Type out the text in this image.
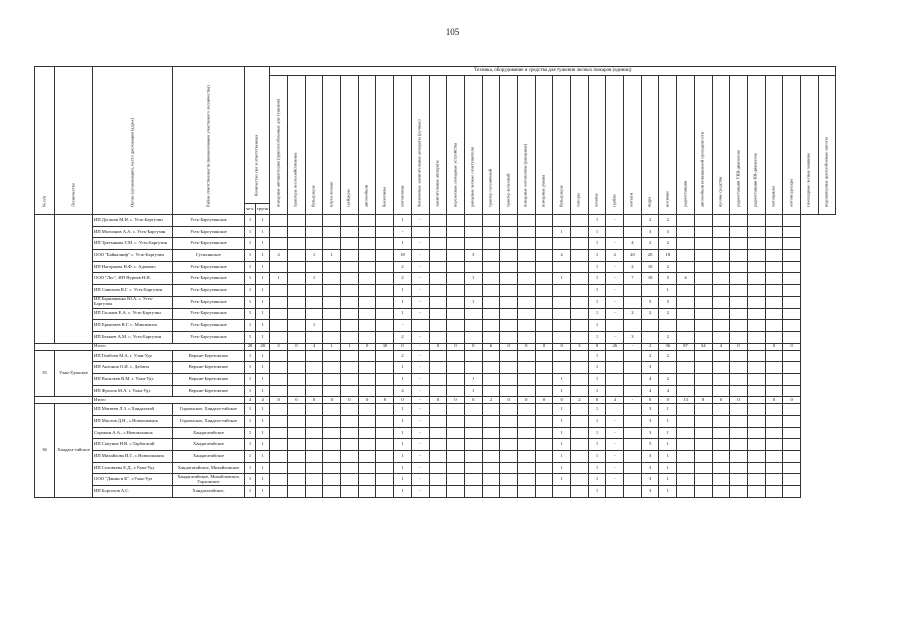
105
№ п/п	Лесничество	Орган (организация), место дислокации (адрес)	Район ответственности (наименование участкового лесничества)	Количество сил и ответственных		Техника, оборудование и средства для тушения лесных пожаров (единиц)																															

						пожарные автоцистерны (приспособленные для тушения)	тракторы лесохозяйственные	бульдозеры	плуги лесные	грейдеры	автомобили	бензопилы	мотопомпы	бензиновые зажигательные аппараты (ручные)	зажигательные аппараты	переносные пожарные устройства	ранцевые лесные огнетушители	трактор гусеничный	трактор колесный	пожарные мотопомпы (ранцевые)	пожарные рукава	бульдозеры	топоры	лопаты	грабли	мотыги	ведра	носилки	радиостанции	автомобили повышенной проходимости	прочие средства	радиостанции УКВ-диапазона	радиостанции КВ-диапазона	мотоциклы	мотовездеходы	самоходные лесные машины	водонапорные центробежные насосы

				чел.	групп																																
		ИП Дуганов М.И. с. Усть-Баргузин	Усть-Баргузинское	1	1								1	-										1	-		2	2									
		ИП Молчанов А.А. с. Усть-Баргузин	Усть-Баргузинское	1	1								-									1		1			3	3									
		ИП Третьякова Т.М. с. Усть-Баргузин	Усть-Баргузинское	1	1								1	-										1	-	4	2	2									
		ООО "Байкалнеф" с. Усть-Баргузин	Гусихинское	1	1	2		1	1				18	-			3					2		1	2	20	20	18									
		ИП Нагорнова Н.Ф. с. Адамово	Усть-Баргузинское	1	1								2	-										1	-	2	10	2									
		ООО "Лес", ИП Нуриев Н.Н.	Усть-Баргузинское	1	1	1		1					2	-			1					1		1	-	7	10	5	4								
		ИП Савельев В.Г. с. Усть-Баргузин	Усть-Баргузинское	1	1								1	-										1	-			1									
		ИП Бармашенко Ю.А. с. Усть-Баргузин	Усть-Баргузинское	1	1								1	-			1							1	-		5	5									
		ИП Гасанов Е.А. с. Усть-Баргузин	Усть-Баргузинское	1	1								1	-										1	-	2	2	2									
		ИП Ермолаев В.Г. с. Максимиха	Усть-Баргузинское	1	1			1					-											1													
		ИП Бекшев А.М. с. Усть-Баргузин	Усть-Баргузинское	1	1								2	-										1	-	3		2									
		Итого		28	28	5	0	4	1	1	0	30	0	-	0	0	0	6	0	0	0	0	3	0	26	-	2	36	87	34	4	0		0	0		
35	Улан-Удэнское	ИП Гомбоев М.А. г. Улан-Удэ	Верхне-Березовское	1	1								2	-										1			2	2									
		ИП Антонов О.И. с. Дабаты	Верхне-Березовское	1	1								1	-										1			3										
		ИП Васильев В.М. г. Улан-Удэ	Верхне-Березовское	1	1								1	-			1					1		1			4	2									
		ИП Фролов М.А. г. Улан-Удэ	Верхне-Березовское	1	1								4	-			1					1		1			4	4									
		Итого		4	4	0	0	0	0	0	0	8	0	-	0	0	0	2	0	0	0	0	2	0	4	-	0	0	13	8	0	0		0	0		
36	Хандага-тайское	ИП Матвеев Л.З. с.Хандагатай	Горхонское, Хандага-тайское	1	1								1	-								1		1			3	1									
		ИП Маслов Д.Н., с.Новоильинск	Горхонское, Хандага-тайское	1	1								1	-								1		1	-		3	1									
		Сорокин А.А., с.Новоильинск	Хандагатайское	1	1								1	-								1		1	-		3	1									
		ИП Сапунов Н.В. с.Тарбагатай	Хандагатайское	1	1								1	-								1		1	-		5	1									
		ИП Михайлова И.Г., с.Новоильинск	Хандагатайское	1	1								1	-								1		1	-		3	1									
		ИП Соловьева Е.Д., г.Улан-Удэ	Хандагатайское, Михайловское	1	1								1	-								1		1	-		3	1									
		ООО "Данин и К", г.Улан-Удэ	Хандагатайское, Михайловское, Горхонское	1	1								1	-								1		1	-		3	1									
		ИП Борголов А.С.	Хандагатайское,	1	1								1	-										1			3	1									
